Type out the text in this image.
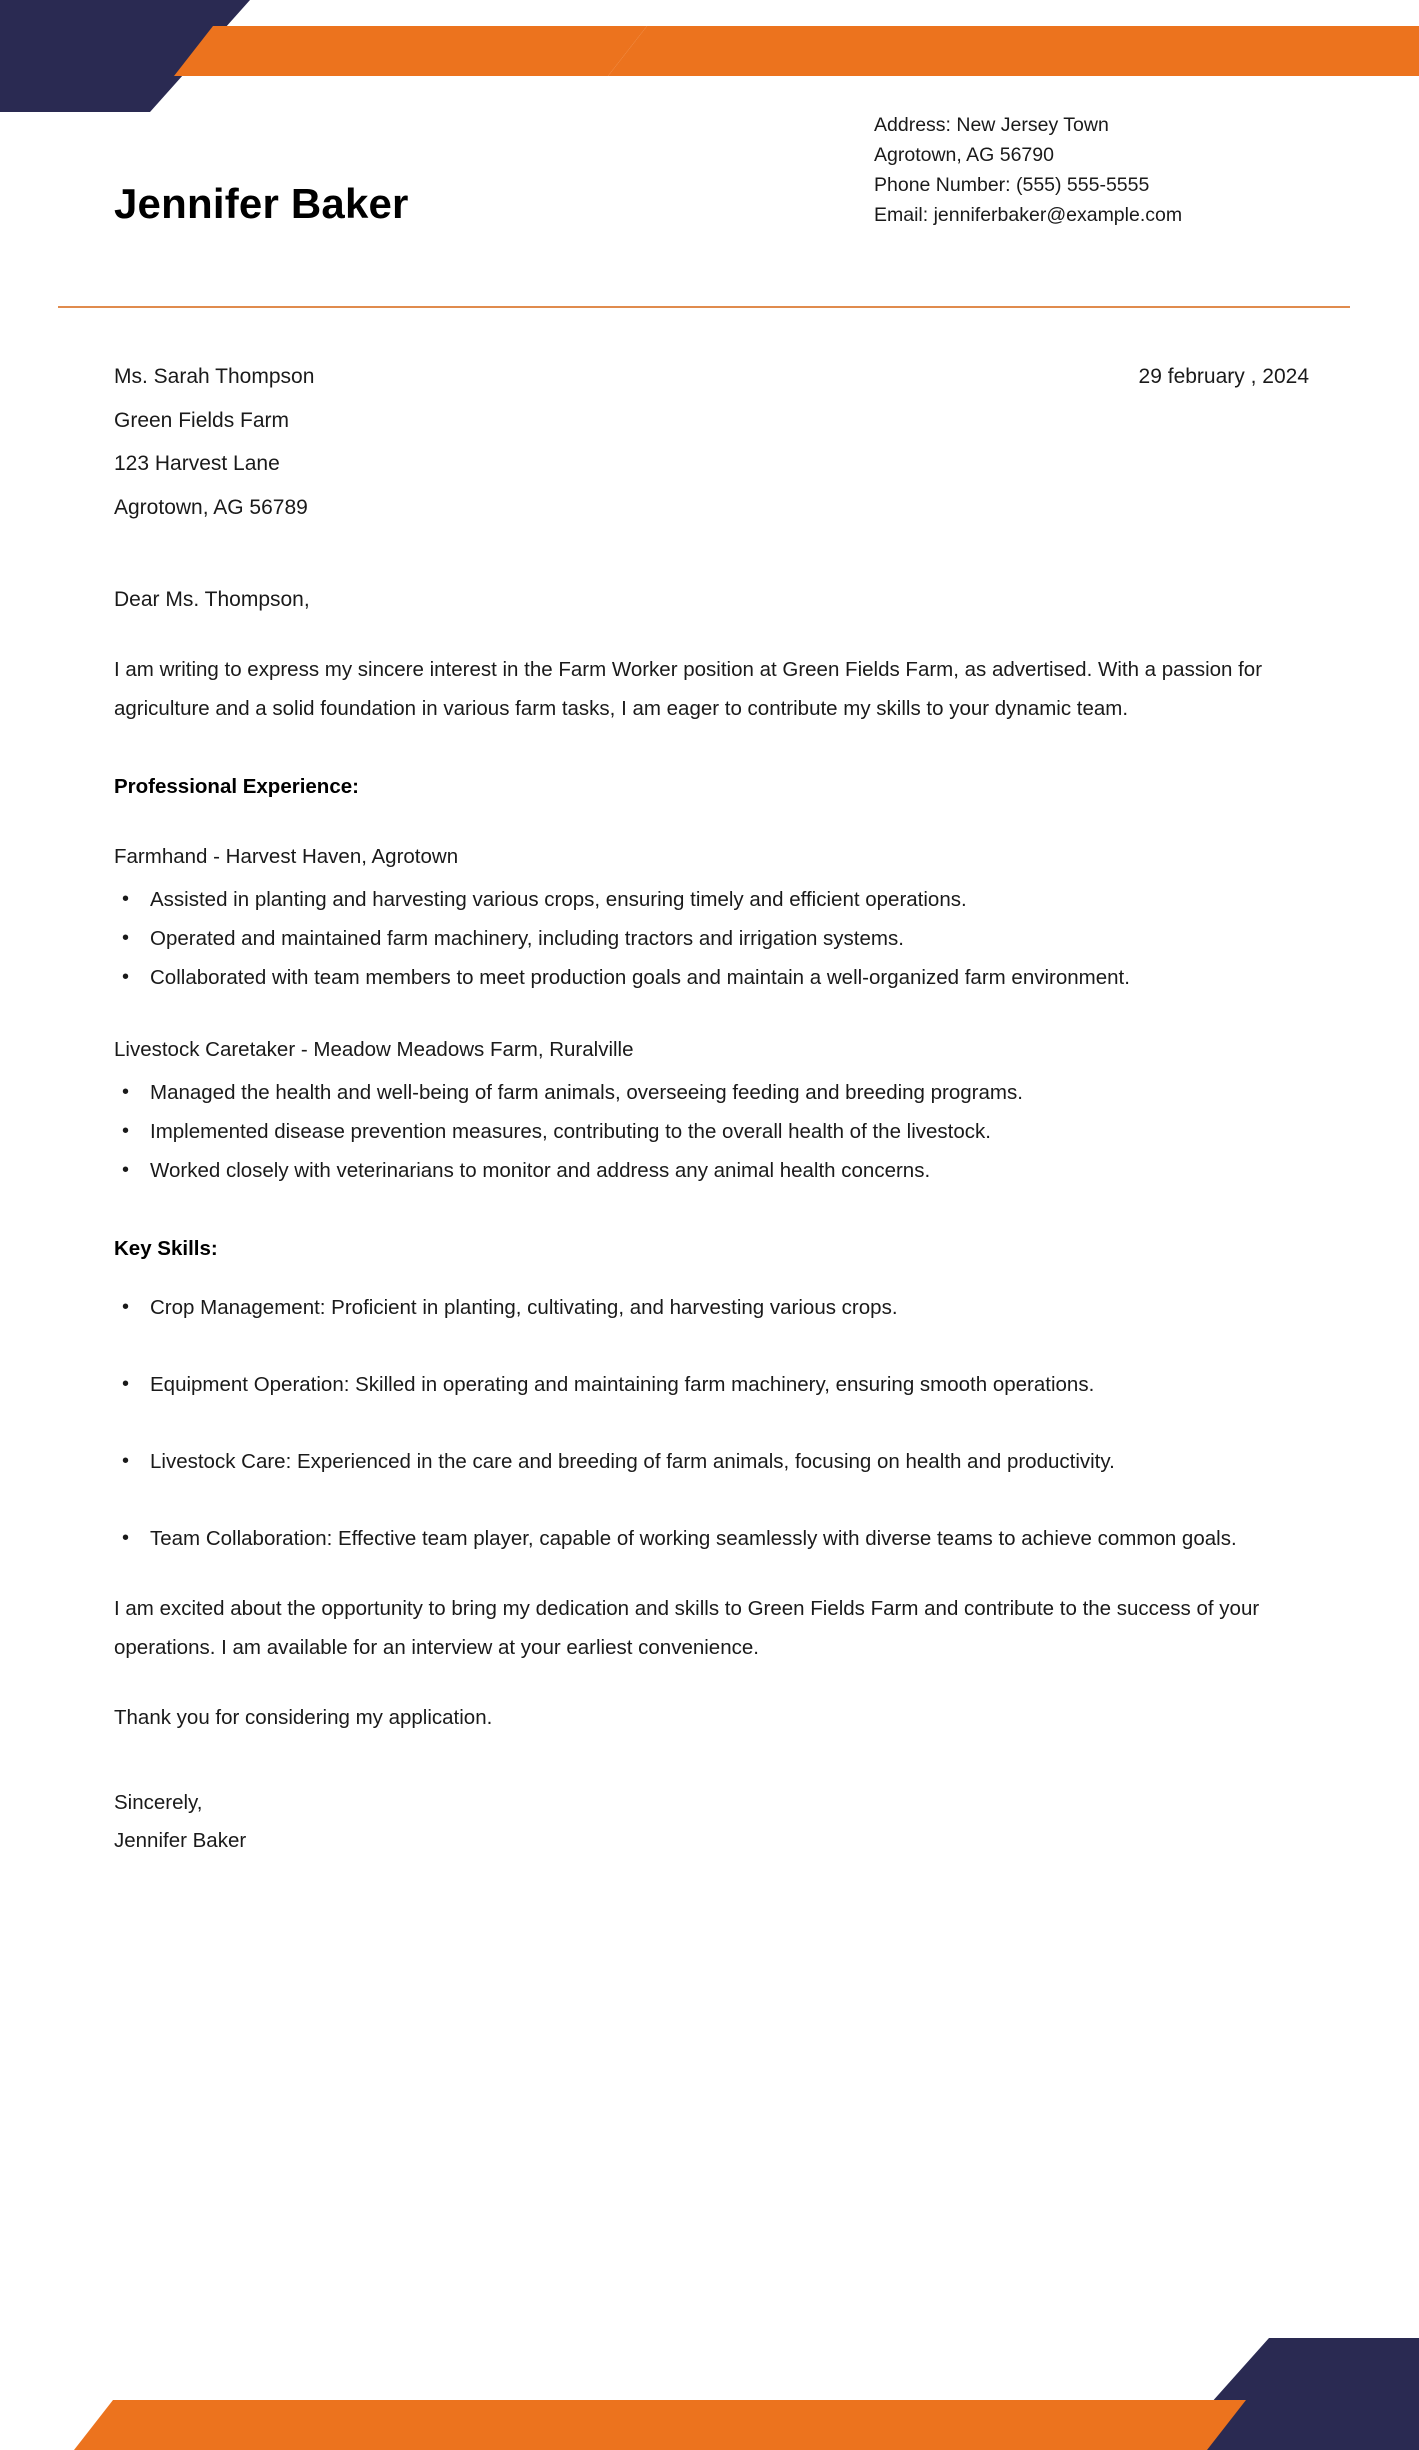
Jennifer Baker
Address: New Jersey Town
Agrotown, AG 56790
Phone Number: (555) 555-5555
Email: jenniferbaker@example.com
Ms. Sarah Thompson
Green Fields Farm
123 Harvest Lane
Agrotown, AG 56789
29 february , 2024
Dear Ms. Thompson,
I am writing to express my sincere interest in the Farm Worker position at Green Fields Farm, as advertised. With a passion for agriculture and a solid foundation in various farm tasks, I am eager to contribute my skills to your dynamic team.
Professional Experience:
Farmhand - Harvest Haven, Agrotown
• Assisted in planting and harvesting various crops, ensuring timely and efficient operations.
• Operated and maintained farm machinery, including tractors and irrigation systems.
• Collaborated with team members to meet production goals and maintain a well-organized farm environment.
Livestock Caretaker - Meadow Meadows Farm, Ruralville
• Managed the health and well-being of farm animals, overseeing feeding and breeding programs.
• Implemented disease prevention measures, contributing to the overall health of the livestock.
• Worked closely with veterinarians to monitor and address any animal health concerns.
Key Skills:
• Crop Management: Proficient in planting, cultivating, and harvesting various crops.
• Equipment Operation: Skilled in operating and maintaining farm machinery, ensuring smooth operations.
• Livestock Care: Experienced in the care and breeding of farm animals, focusing on health and productivity.
• Team Collaboration: Effective team player, capable of working seamlessly with diverse teams to achieve common goals.
I am excited about the opportunity to bring my dedication and skills to Green Fields Farm and contribute to the success of your operations. I am available for an interview at your earliest convenience.
Thank you for considering my application.
Sincerely,
Jennifer Baker
